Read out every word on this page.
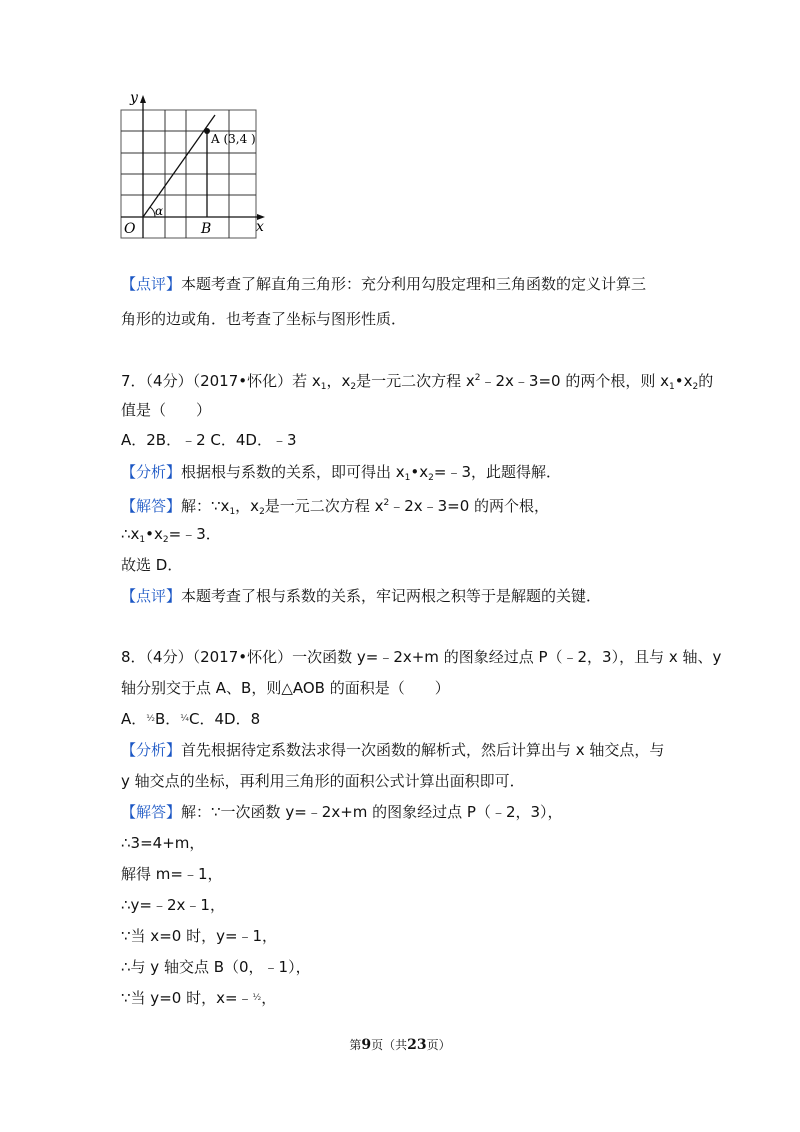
y
x
O	B
α
A (3,4 )
【点评】本题考查了解直角三角形：充分利用勾股定理和三角函数的定义计算三
角形的边或角．也考查了坐标与图形性质．
7．（4分）（2017•怀化）若 $x_1$，$x_2$是一元二次方程 $x^2﹣2x﹣3=0$ 的两个根，则 $x_1•x_2$的
值是（　　）
A．2B．﹣2 C．4D．﹣3
【分析】根据根与系数的关系，即可得出 $x_1•x_2=﹣3$，此题得解．
【解答】解：$\because x_1$，$x_2$是一元二次方程 $x^2﹣2x﹣3=0$ 的两个根，
$\therefore x_1•x_2=﹣3$．
故选 D．
【点评】本题考查了根与系数的关系，牢记两根之积等于是解题的关键．
8．（4分）（2017•怀化）一次函数 y=﹣2x+m 的图象经过点 P（﹣2，3），且与 x 轴、y
轴分别交于点 A、B，则△AOB 的面积是（　　）
A．$^{\frac{1}{2}}$B．$^{\frac{1}{4}}$C．4D．8
【分析】首先根据待定系数法求得一次函数的解析式，然后计算出与 x 轴交点，与
y 轴交点的坐标，再利用三角形的面积公式计算出面积即可．
【解答】解：∵一次函数 y=﹣2x+m 的图象经过点 P（﹣2，3），
∴3=4+m，
解得 m=﹣1，
∴y=﹣2x﹣1，
∵当 x=0 时，y=﹣1，
∴与 y 轴交点 B（0，﹣1），
∵当 y=0 时，x=﹣$^{\frac{1}{2}}$，
第9页（共23页）
